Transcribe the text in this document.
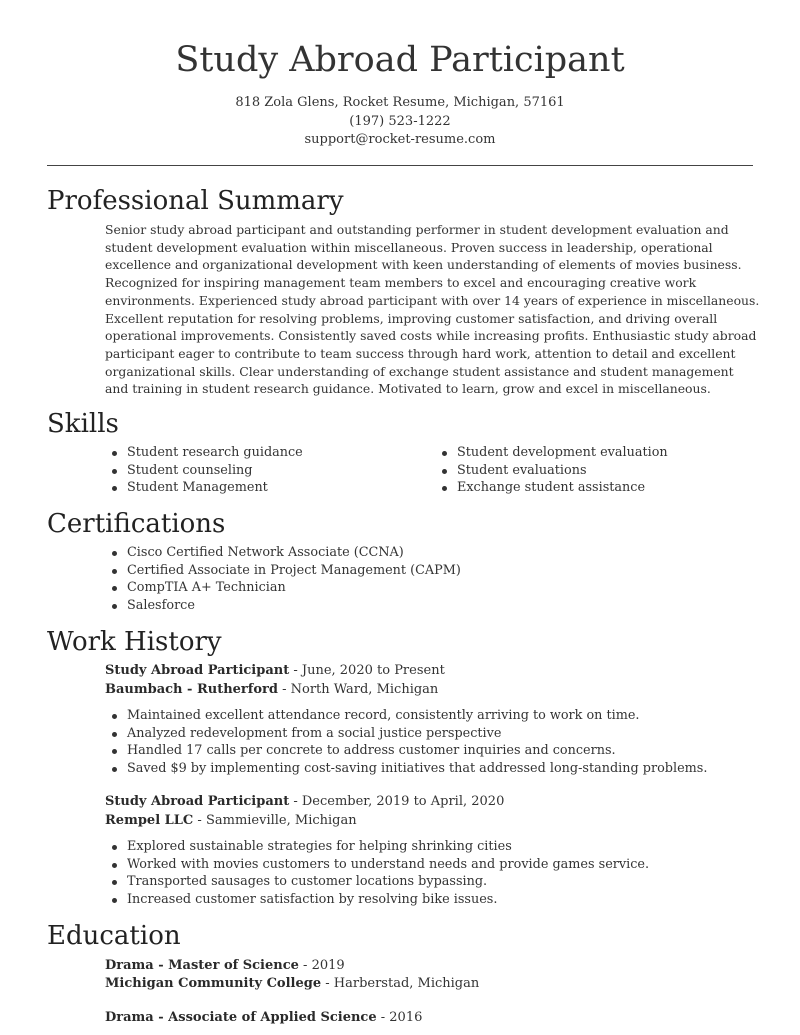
Study Abroad Participant
818 Zola Glens, Rocket Resume, Michigan, 57161
(197) 523-1222
support@rocket-resume.com
Professional Summary

Senior study abroad participant and outstanding performer in student development evaluation and student development evaluation within miscellaneous. Proven success in leadership, operational excellence and organizational development with keen understanding of elements of movies business. Recognized for inspiring management team members to excel and encouraging creative work environments. Experienced study abroad participant with over 14 years of experience in miscellaneous. Excellent reputation for resolving problems, improving customer satisfaction, and driving overall operational improvements. Consistently saved costs while increasing profits. Enthusiastic study abroad participant eager to contribute to team success through hard work, attention to detail and excellent organizational skills. Clear understanding of exchange student assistance and student management and training in student research guidance. Motivated to learn, grow and excel in miscellaneous.

Skills
Student research guidance
Student counseling
Student Management
Student development evaluation
Student evaluations
Exchange student assistance
Certifications
Cisco Certified Network Associate (CCNA)
Certified Associate in Project Management (CAPM)
CompTIA A+ Technician
Salesforce
Work History
Study Abroad Participant - June, 2020 to Present
Baumbach - Rutherford - North Ward, Michigan
Maintained excellent attendance record, consistently arriving to work on time.
Analyzed redevelopment from a social justice perspective
Handled 17 calls per concrete to address customer inquiries and concerns.
Saved $9 by implementing cost-saving initiatives that addressed long-standing problems.
Study Abroad Participant - December, 2019 to April, 2020
Rempel LLC - Sammieville, Michigan
Explored sustainable strategies for helping shrinking cities
Worked with movies customers to understand needs and provide games service.
Transported sausages to customer locations bypassing.
Increased customer satisfaction by resolving bike issues.
Education
Drama - Master of Science - 2019
Michigan Community College - Harberstad, Michigan
Drama - Associate of Applied Science - 2016
